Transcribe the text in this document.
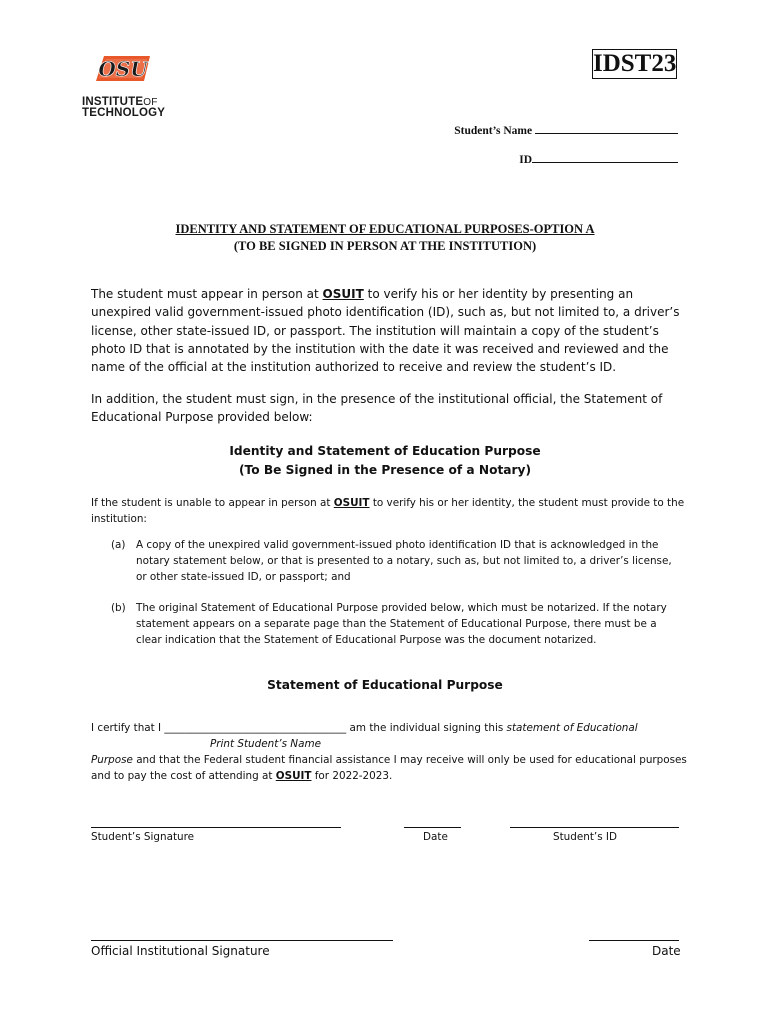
OSU
INSTITUTEOF
TECHNOLOGY
IDST23
Student’s Name
ID
IDENTITY AND STATEMENT OF EDUCATIONAL PURPOSES-OPTION A
(TO BE SIGNED IN PERSON AT THE INSTITUTION)
The student must appear in person at OSUIT to verify his or her identity by presenting an unexpired valid government-issued photo identification (ID), such as, but not limited to, a driver’s license, other state-issued ID, or passport. The institution will maintain a copy of the student’s photo ID that is annotated by the institution with the date it was received and reviewed and the name of the official at the institution authorized to receive and review the student’s ID.
In addition, the student must sign, in the presence of the institutional official, the Statement of Educational Purpose provided below:
Identity and Statement of Education Purpose
(To Be Signed in the Presence of a Notary)
If the student is unable to appear in person at OSUIT to verify his or her identity, the student must provide to the institution:
(a) A copy of the unexpired valid government-issued photo identification ID that is acknowledged in the notary statement below, or that is presented to a notary, such as, but not limited to, a driver’s license, or other state-issued ID, or passport; and
(b) The original Statement of Educational Purpose provided below, which must be notarized. If the notary statement appears on a separate page than the Statement of Educational Purpose, there must be a clear indication that the Statement of Educational Purpose was the document notarized.
Statement of Educational Purpose
I certify that I ___________________________________ am the individual signing this statement of Educational
Print Student’s Name
Purpose and that the Federal student financial assistance I may receive will only be used for educational purposes and to pay the cost of attending at OSUIT for 2022-2023.
Student’s Signature	Date	Student’s ID
Official Institutional Signature	Date
